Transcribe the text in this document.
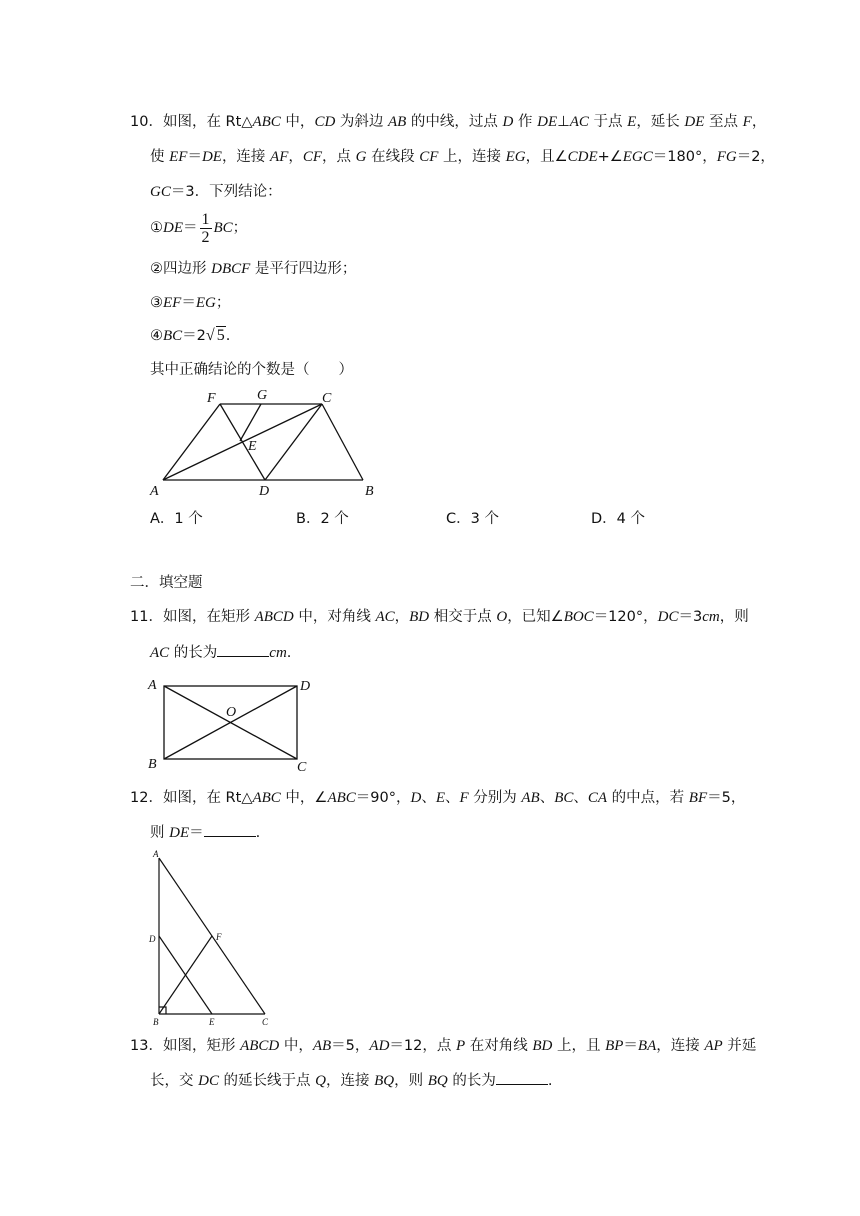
10．如图，在 Rt△ABC 中，CD 为斜边 AB 的中线，过点 D 作 DE⊥AC 于点 E，延长 DE 至点 F，
使 EF＝DE，连接 AF，CF，点 G 在线段 CF 上，连接 EG，且∠CDE+∠EGC＝180°，FG＝2，
GC＝3．下列结论：
①DE＝ $\frac{1}{2}$ BC；
②四边形 DBCF 是平行四边形；
③EF＝EG；
④BC＝2√ 5.
其中正确结论的个数是（　　）
F	G	C
E
A	D	B
A．1 个	B．2 个	C．3 个	D．4 个
二．填空题
11．如图，在矩形 ABCD 中，对角线 AC，BD 相交于点 O，已知∠BOC＝120°，DC＝3cm，则
AC 的长为	cm.
A	D
O
B	C
12．如图，在 Rt△ABC 中，∠ABC＝90°，D、E、F 分别为 AB、BC、CA 的中点，若 BF＝5，
则 DE＝	.
A
D	F
B	E	C
13．如图，矩形 ABCD 中，AB＝5，AD＝12，点 P 在对角线 BD 上，且 BP＝BA，连接 AP 并延
长，交 DC 的延长线于点 Q，连接 BQ，则 BQ 的长为	.
